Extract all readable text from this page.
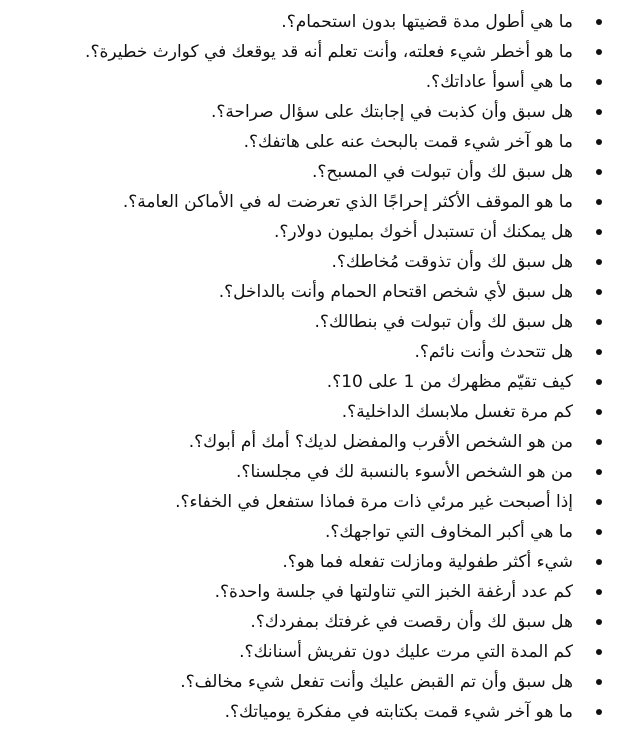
ما هي أطول مدة قضيتها بدون استحمام؟.
ما هو أخطر شيء فعلته، وأنت تعلم أنه قد يوقعك في كوارث خطيرة؟.
ما هي أسوأ عاداتك؟.
هل سبق وأن كذبت في إجابتك على سؤال صراحة؟.
ما هو آخر شيء قمت بالبحث عنه على هاتفك؟.
هل سبق لك وأن تبولت في المسبح؟.
ما هو الموقف الأكثر إحراجًا الذي تعرضت له في الأماكن العامة؟.
هل يمكنك أن تستبدل أخوك بمليون دولار؟.
هل سبق لك وأن تذوقت مُخاطك؟.
هل سبق لأي شخص اقتحام الحمام وأنت بالداخل؟.
هل سبق لك وأن تبولت في بنطالك؟.
هل تتحدث وأنت نائم؟.
كيف تقيّم مظهرك من 1 على 10؟.
كم مرة تغسل ملابسك الداخلية؟.
من هو الشخص الأقرب والمفضل لديك؟ أمك أم أبوك؟.
من هو الشخص الأسوء بالنسبة لك في مجلسنا؟.
إذا أصبحت غير مرئي ذات مرة فماذا ستفعل في الخفاء؟.
ما هي أكبر المخاوف التي تواجهك؟.
شيء أكثر طفولية ومازلت تفعله فما هو؟.
كم عدد أرغفة الخبز التي تناولتها في جلسة واحدة؟.
هل سبق لك وأن رقصت في غرفتك بمفردك؟.
كم المدة التي مرت عليك دون تفريش أسنانك؟.
هل سبق وأن تم القبض عليك وأنت تفعل شيء مخالف؟.
ما هو آخر شيء قمت بكتابته في مفكرة يومياتك؟.
